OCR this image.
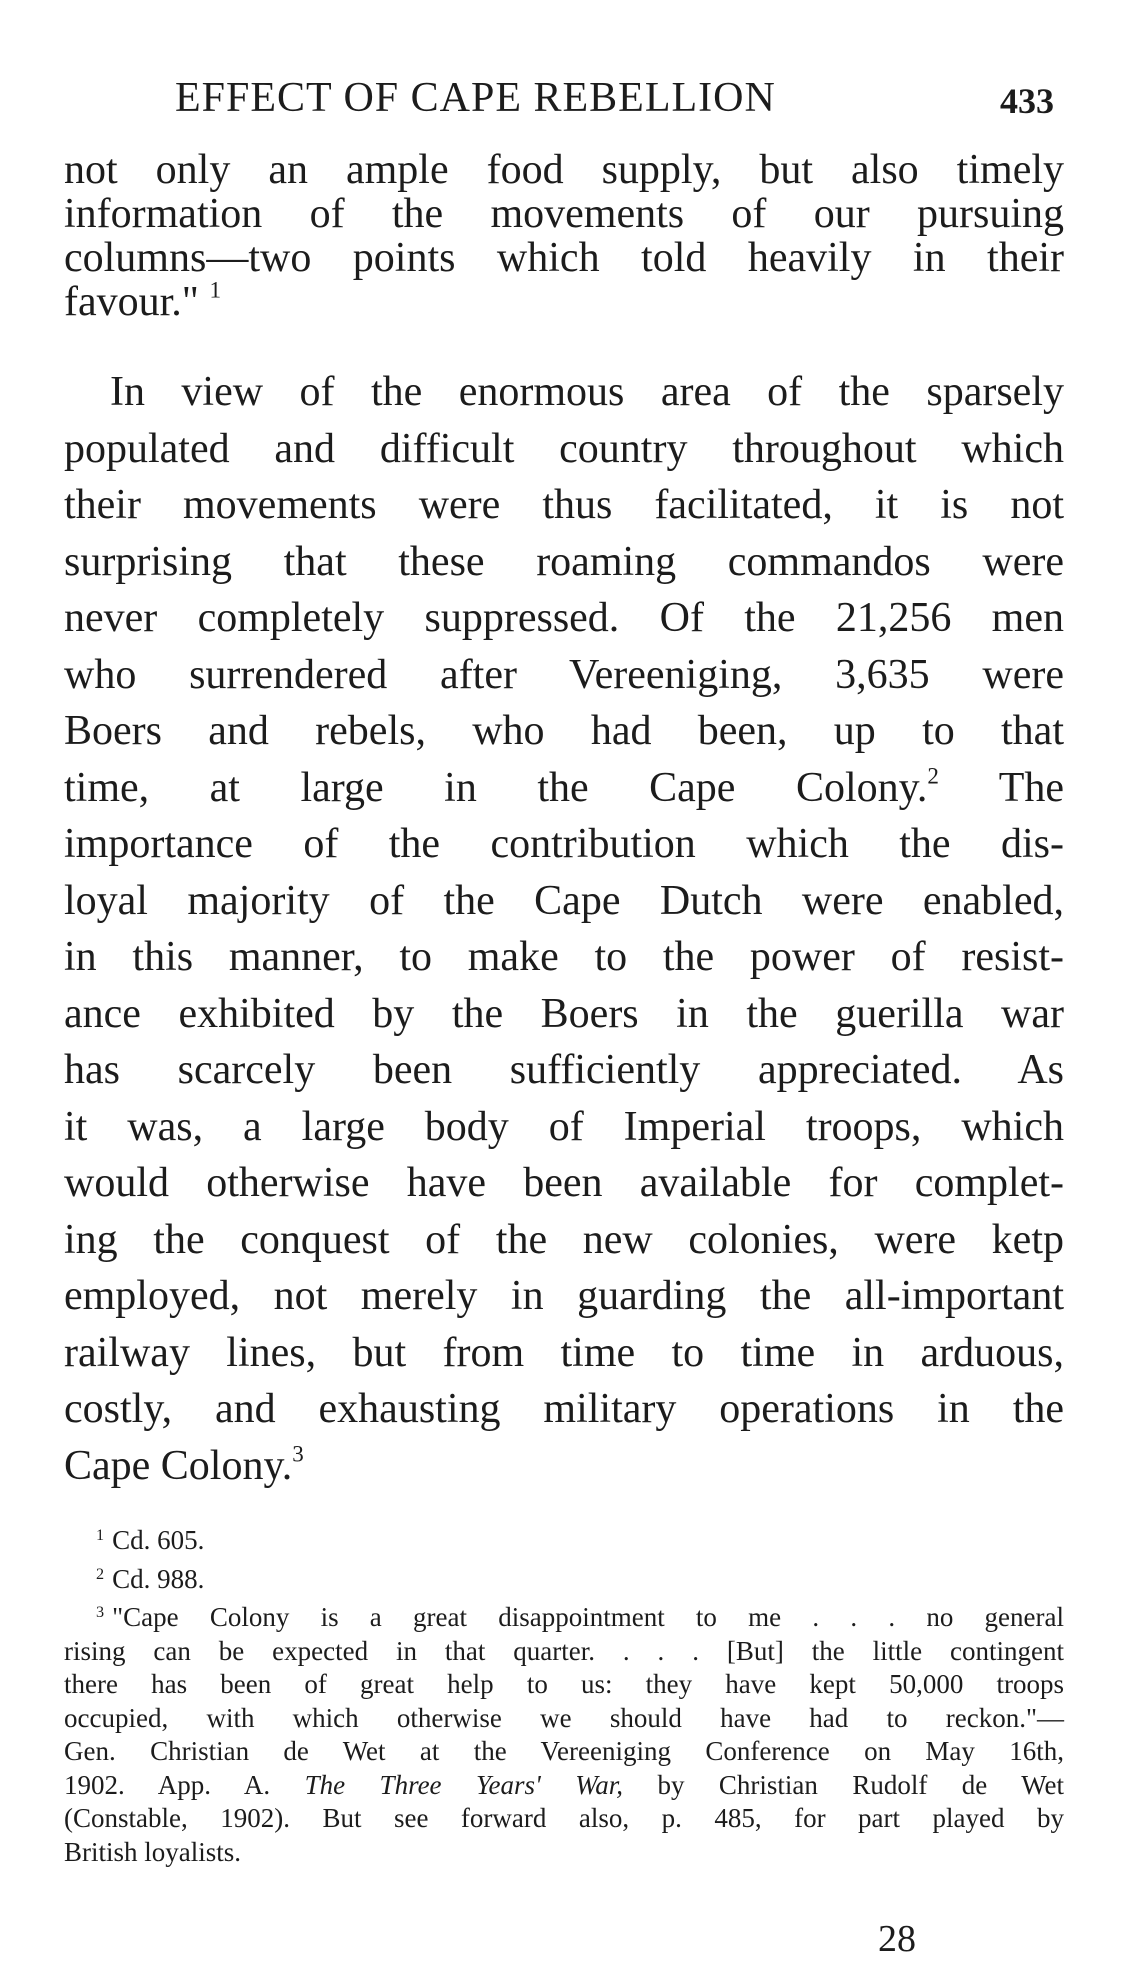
EFFECT OF CAPE REBELLION	433
not only an ample food supply, but also timely
information of the movements of our pursuing
columns—two points which told heavily in their
favour." $^1$
In view of the enormous area of the sparsely
populated and difficult country throughout which
their movements were thus facilitated, it is not
surprising that these roaming commandos were
never completely suppressed. Of the 21,256 men
who surrendered after Vereeniging, 3,635 were
Boers and rebels, who had been, up to that
time, at large in the Cape Colony.$^2$ The
importance of the contribution which the dis-
loyal majority of the Cape Dutch were enabled,
in this manner, to make to the power of resist-
ance exhibited by the Boers in the guerilla war
has scarcely been sufficiently appreciated. As
it was, a large body of Imperial troops, which
would otherwise have been available for complet-
ing the conquest of the new colonies, were ketp
employed, not merely in guarding the all-important
railway lines, but from time to time in arduous,
costly, and exhausting military operations in the
Cape Colony.$^3$
$^1$ Cd. 605.
$^2$ Cd. 988.
$^3$ "Cape Colony is a great disappointment to me . . . no general
rising can be expected in that quarter. . . . [But] the little contingent
there has been of great help to us: they have kept 50,000 troops
occupied, with which otherwise we should have had to reckon."—
Gen. Christian de Wet at the Vereeniging Conference on May 16th,
1902. App. A. The Three Years' War, by Christian Rudolf de Wet
(Constable, 1902). But see forward also, p. 485, for part played by
British loyalists.
28
